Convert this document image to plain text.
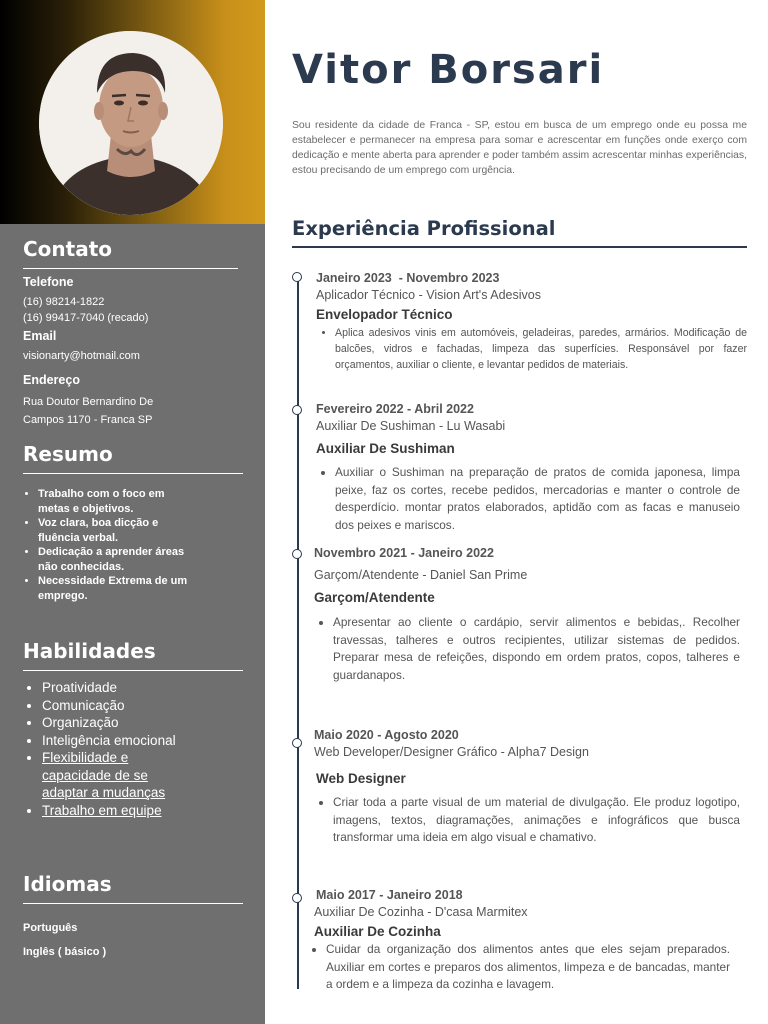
Contato
Telefone
(16) 98214-1822
(16) 99417-7040 (recado)
Email
visionarty@hotmail.com
Endereço
Rua Doutor Bernardino De
Campos 1170 - Franca SP
Resumo
• Trabalho com o foco em metas e objetivos.
• Voz clara, boa dicção e fluência verbal.
• Dedicação a aprender áreas não conhecidas.
• Necessidade Extrema de um emprego.
Habilidades
• Proatividade
• Comunicação
• Organização
• Inteligência emocional
• Flexibilidade e capacidade de se adaptar a mudanças
• Trabalho em equipe
Idiomas
Português
Inglês ( básico )
Vitor Borsari

Sou residente da cidade de Franca - SP, estou em busca de um emprego onde eu possa me estabelecer e permanecer na empresa para somar e acrescentar em funções onde exerço com dedicação e mente aberta para aprender e poder também assim acrescentar minhas experiências, estou precisando de um emprego com urgência.

Experiência Profissional
Janeiro 2023  - Novembro 2023
Aplicador Técnico - Vision Art's Adesivos
Envelopador Técnico
• Aplica adesivos vinis em automóveis, geladeiras, paredes, armários. Modificação de balcões, vidros e fachadas, limpeza das superfícies. Responsável por fazer orçamentos, auxiliar o cliente, e levantar pedidos de materiais.
Fevereiro 2022 - Abril 2022
Auxiliar De Sushiman - Lu Wasabi
Auxiliar De Sushiman
• Auxiliar o Sushiman na preparação de pratos de comida japonesa, limpa peixe, faz os cortes, recebe pedidos, mercadorias e manter o controle de desperdício. montar pratos elaborados, aptidão com as facas e manuseio dos peixes e mariscos.
Novembro 2021 - Janeiro 2022
Garçom/Atendente - Daniel San Prime
Garçom/Atendente
• Apresentar ao cliente o cardápio, servir alimentos e bebidas,. Recolher travessas, talheres e outros recipientes, utilizar sistemas de pedidos. Preparar mesa de refeições, dispondo em ordem pratos, copos, talheres e guardanapos.
Maio 2020 - Agosto 2020
Web Developer/Designer Gráfico - Alpha7 Design
Web Designer
• Criar toda a parte visual de um material de divulgação. Ele produz logotipo, imagens, textos, diagramações, animações e infográficos que busca transformar uma ideia em algo visual e chamativo.
Maio 2017 - Janeiro 2018
Auxiliar De Cozinha - D'casa Marmitex
Auxiliar De Cozinha
• Cuidar da organização dos alimentos antes que eles sejam preparados. Auxiliar em cortes e preparos dos alimentos, limpeza e de bancadas, manter a ordem e a limpeza da cozinha e lavagem.
